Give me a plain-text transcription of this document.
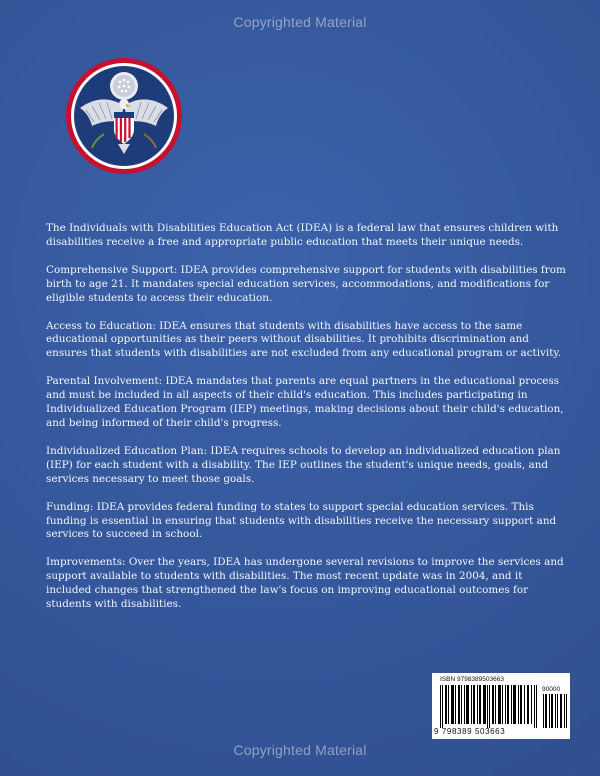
Copyrighted Material

The Individuals with Disabilities Education Act (IDEA) is a federal law that ensures children with disabilities receive a free and appropriate public education that meets their unique needs.

Comprehensive Support: IDEA provides comprehensive support for students with disabilities from birth to age 21. It mandates special education services, accommodations, and modifications for eligible students to access their education.

Access to Education: IDEA ensures that students with disabilities have access to the same educational opportunities as their peers without disabilities. It prohibits discrimination and ensures that students with disabilities are not excluded from any educational program or activity.

Parental Involvement: IDEA mandates that parents are equal partners in the educational process and must be included in all aspects of their child's education. This includes participating in Individualized Education Program (IEP) meetings, making decisions about their child's education, and being informed of their child's progress.

Individualized Education Plan: IDEA requires schools to develop an individualized education plan (IEP) for each student with a disability. The IEP outlines the student's unique needs, goals, and services necessary to meet those goals.

Funding: IDEA provides federal funding to states to support special education services. This funding is essential in ensuring that students with disabilities receive the necessary support and services to succeed in school.

Improvements: Over the years, IDEA has undergone several revisions to improve the services and support available to students with disabilities. The most recent update was in 2004, and it included changes that strengthened the law's focus on improving educational outcomes for students with disabilities.

ISBN 9798389503663
90000
9 798389 503663
Copyrighted Material
